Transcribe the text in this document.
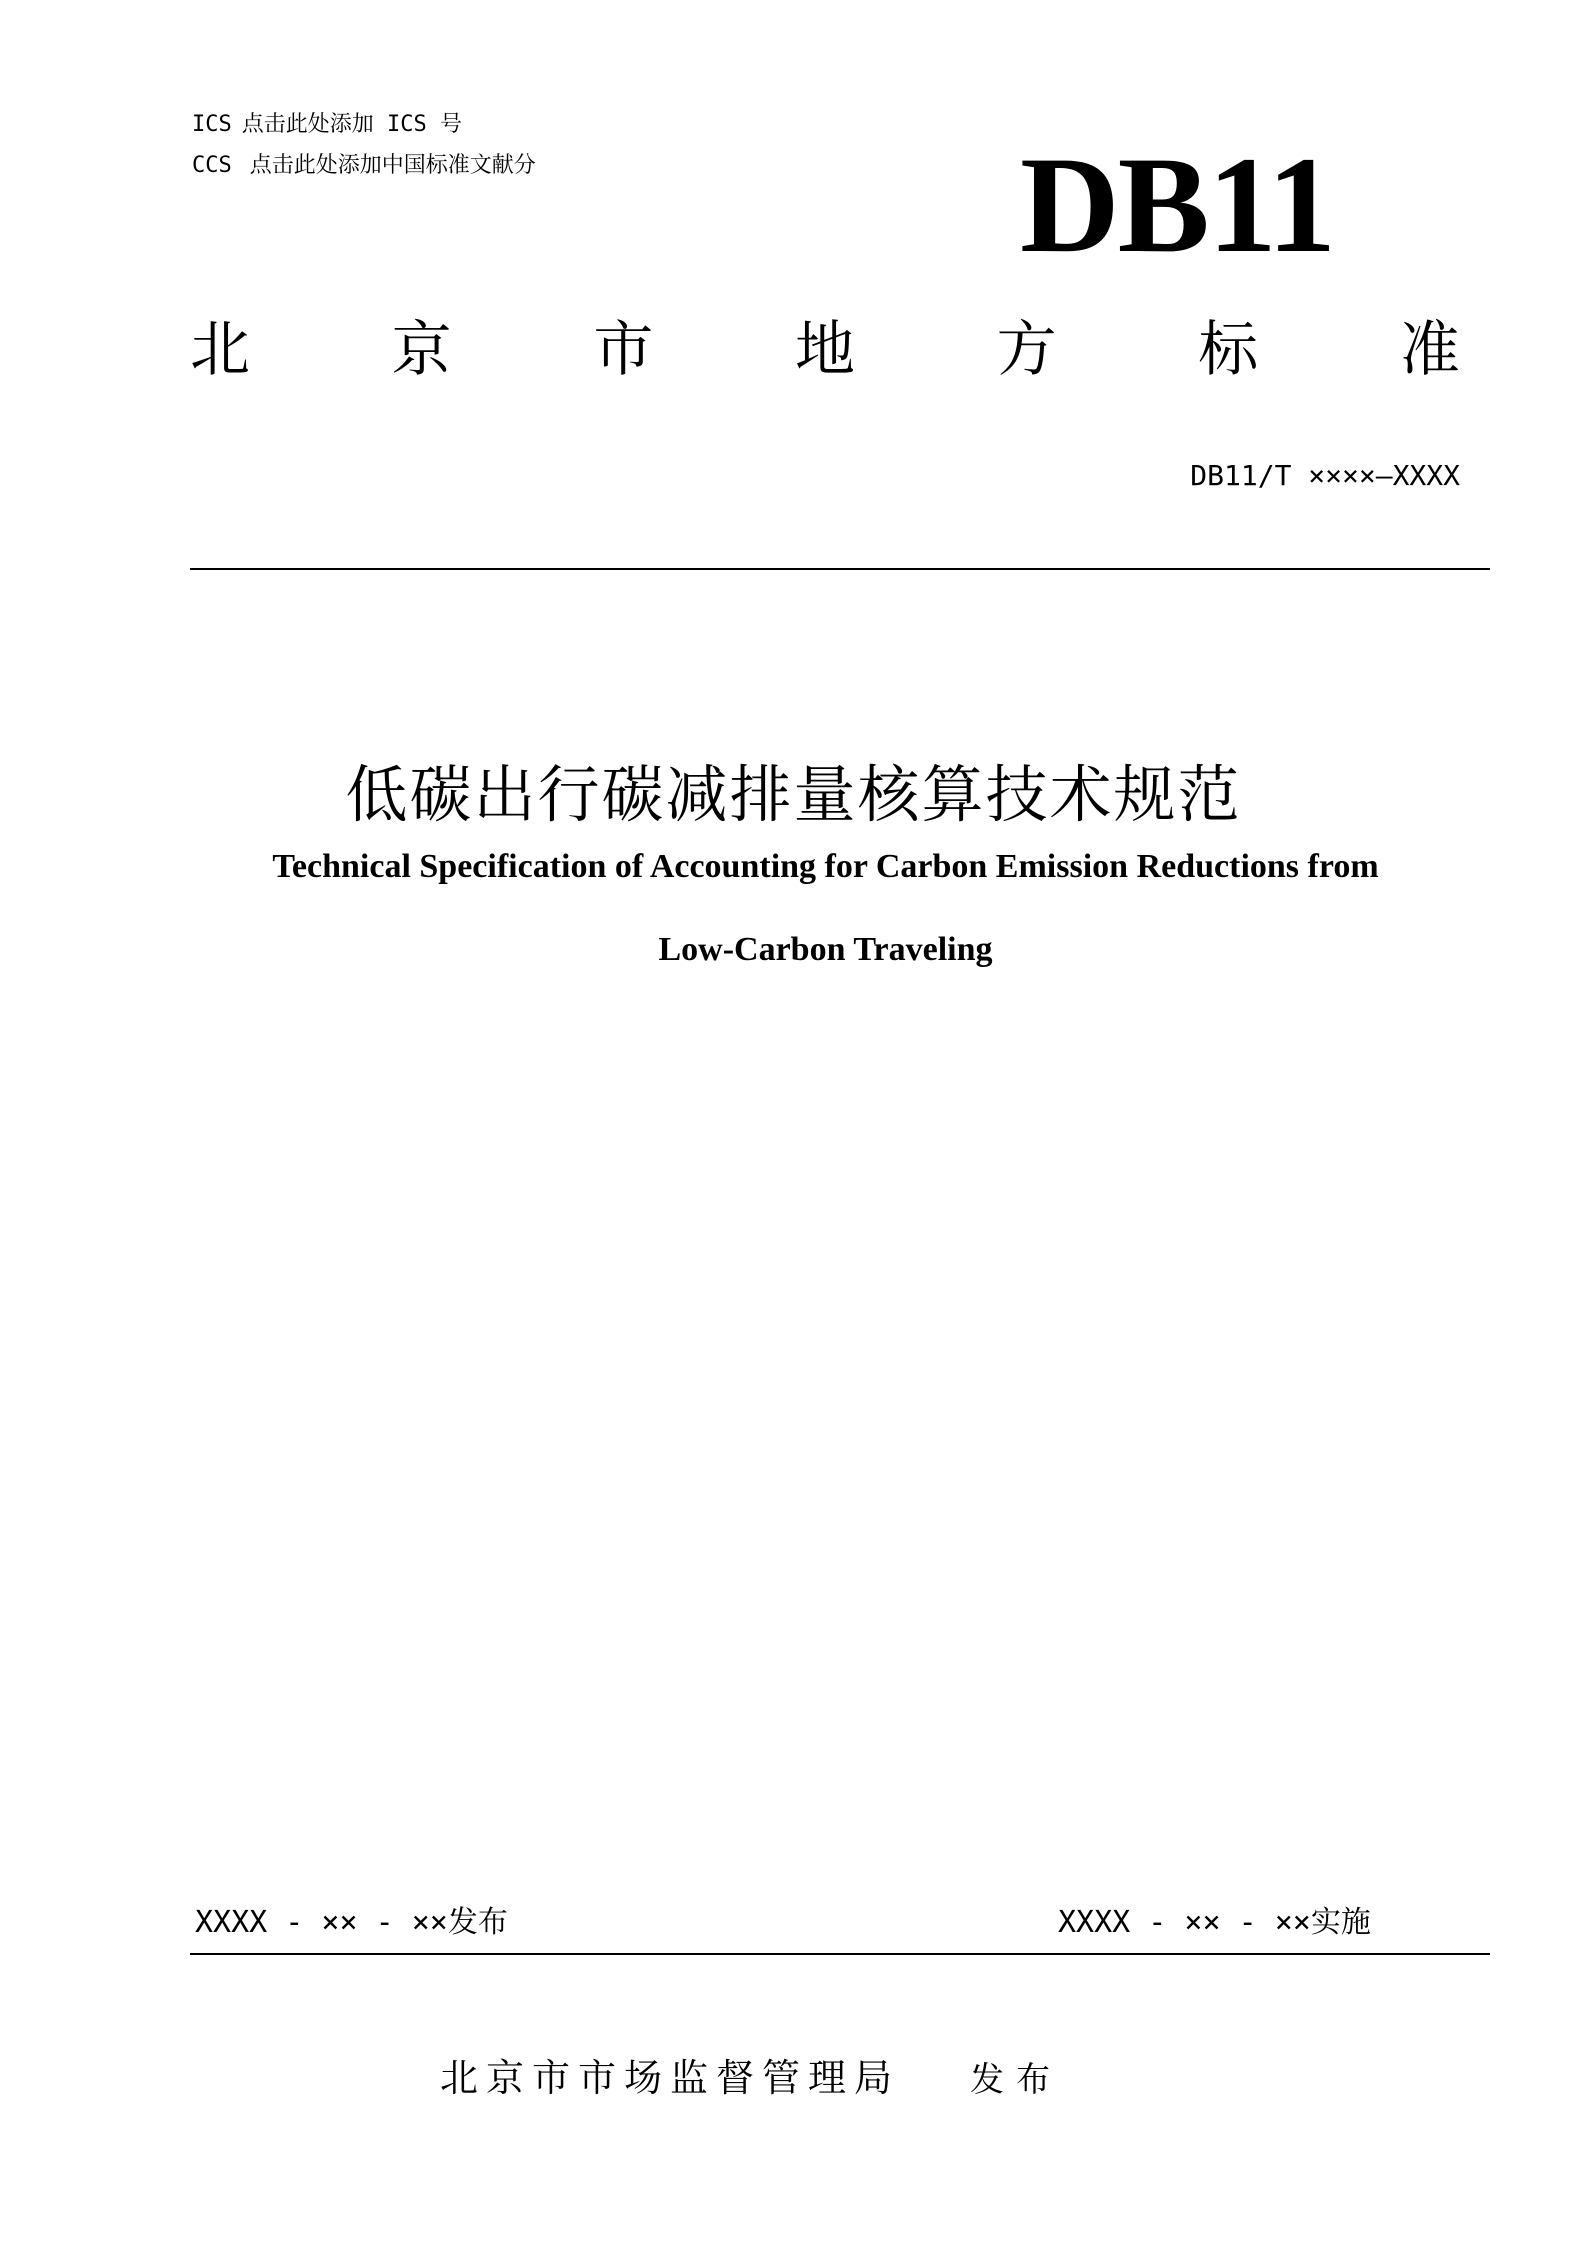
ICS 点击此处添加 ICS 号
CCS 点击此处添加中国标准文献分	DB11
北 京 市 地 方 标 准
DB11/T ××××—XXXX
低碳出行碳减排量核算技术规范
Technical Specification of Accounting for Carbon Emission Reductions from
Low-Carbon Traveling
XXXX - ×× - ××发布	XXXX - ×× - ××实施
北京市市场监督管理局 发布
